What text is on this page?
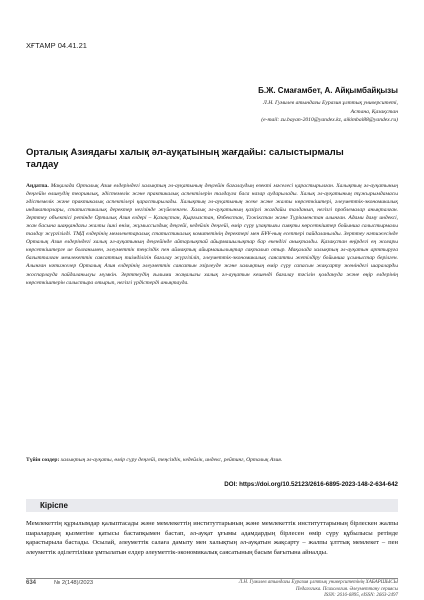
ХҒТАМР 04.41.21
Б.Ж. Смағамбет, А. Айқымбайқызы
Л.Н. Гумилев атындағы Еуразия ұлттық университеті,
Астана, Қазақстан
(e-mail: zu.bayan-2010@yandex.kz, aikimbai88@yandex.ru)
Орталық Азиядағы халық әл-ауқатының жағдайы: салыстырмалы талдау
Аңдатпа. Мақалада Орталық Азия елдеріндегі халықтың әл-ауқатының деңгейін бағалаудың өзекті мәселесі қарастырылған. Халықтың әл-ауқатының деңгейін өлшеудің теориялық, әдістемелік және практикалық аспектілерін талдауға баса назар аударылады. Халық әл-ауқатының тұжырымдамасы әдістемелік және практикалық аспектілері қарастырылады. Халықтың әл-ауқатының жеке және жалпы көрсеткіштері, әлеуметтік-экономикалық индикаторлары, статистикалық деректер негізінде жүйеленген. Халық әл-ауқатының қазіргі жағдайы талданып, негізгі проблемалар анықталған. Зерттеу объектісі ретінде Орталық Азия елдері – Қазақстан, Қырғызстан, Өзбекстан, Тәжікстан және Түрікменстан алынған. Адами даму индексі, жан басына шаққандағы жалпы ішкі өнім, жұмыссыздық деңгейі, кедейлік деңгейі, өмір сүру ұзақтығы сияқты көрсеткіштер бойынша салыстырмалы талдау жүргізілді. ТМД елдерінің мемлекетаралық статистикалық комитетінің деректері мен БҰҰ-ның есептері пайдаланылды. Зерттеу нәтижесінде Орталық Азия елдеріндегі халық әл-ауқатының деңгейінде айтарлықтай айырмашылықтар бар екендігі анықталды. Қазақстан өңірдегі ең жоғары көрсеткіштерге ие болғанымен, әлеуметтік теңсіздік пен аймақтық айырмашылықтар сақталып отыр. Мақалада халықтың әл-ауқатын арттыруға бағытталған мемлекеттік саясаттың тиімділігін бағалау жүргізіліп, әлеуметтік-экономикалық саясатты жетілдіру бойынша ұсыныстар берілген. Алынған нәтижелер Орталық Азия елдерінің әлеуметтік саясатын әзірлеуде және халықтың өмір сүру сапасын жақсарту жөніндегі шараларды жоспарлауда пайдаланылуы мүмкін. Зерттеудің ғылыми жаңалығы халық әл-ауқатын кешенді бағалау тәсілін қолдануда және өңір елдерінің көрсеткіштерін салыстыра отырып, негізгі үрдістерді анықтауда.
Түйін сөздер: халықтың әл-ауқаты, өмір сүру деңгейі, теңсіздік, кедейлік, индекс, рейтинг, Орталық Азия.
DOI: https://doi.org/10.52123/2616-6895-2023-148-2-634-642
Кіріспе
Мемлекеттің құрылымдар қалыптасады және мемлекеттің институттарының және мемлекеттік институттарының бірлескен жалпы шаралардың қызметіне қатысы бастапқымен бастап, әл-ауқат ұғымы адамдардың бірлесен өмір сүру құбылысы ретінде қарастырыла бастады. Осылай, әлеуметтік салаға дамыту мен халықтың әл-ауқатын жақсарту – жалпы ұлттық мемлекет – пен әлеуметтік әділеттілікке ұмтылатын елдер әлеуметтік-экономикалық саясатының басым бағытына айналды.
634	№ 2(148)/2023	Л.Н. Гумилев атындағы Еуразия ұлттық университетінің ХАБАРШЫСЫ
Педагогика. Психология. Әлеуметтану сериясы
ISSN: 2616-6895, eISSN: 2663-2497
